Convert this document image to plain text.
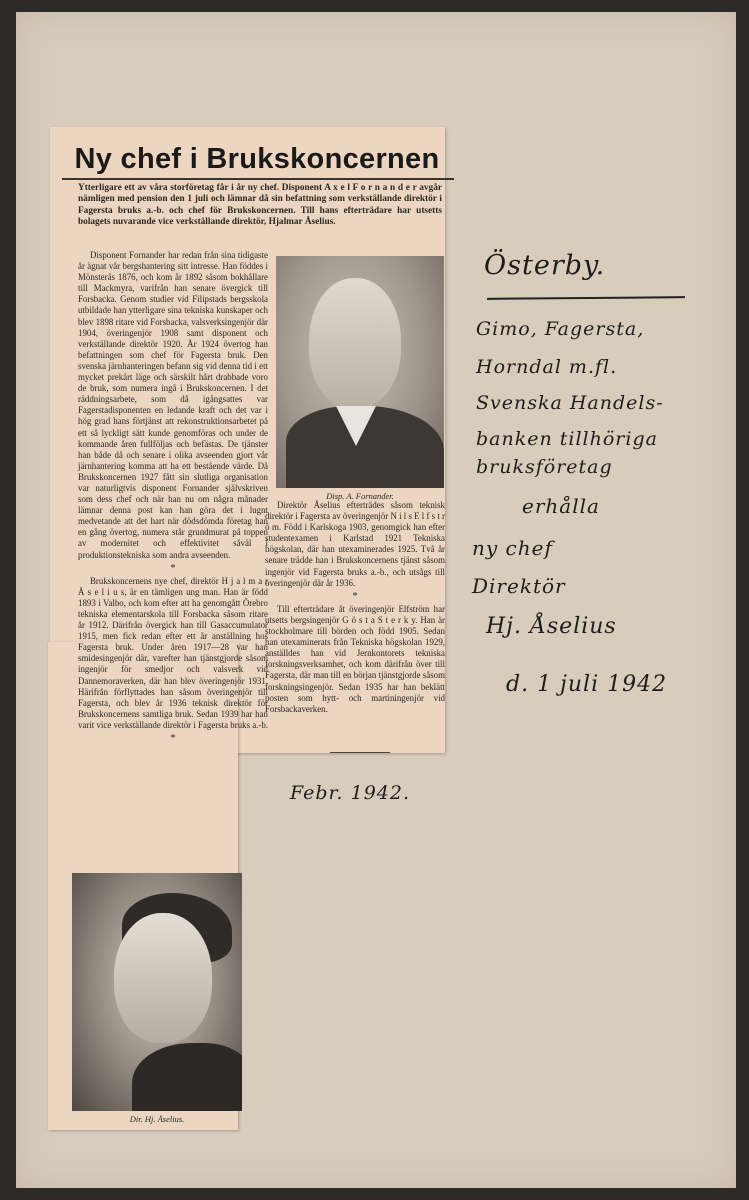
Ny chef i Brukskoncernen
Ytterligare ett av våra storföretag får i år ny chef. Disponent A x e l F o r n a n d e r avgår nämligen med pension den 1 juli och lämnar då sin befattning som verkställande direktör i Fagersta bruks a.-b. och chef för Brukskoncernen. Till hans efterträdare har utsetts bolagets nuvarande vice verkställande direktör, Hjalmar Åselius.

Disponent Fornander har redan från sina tidigaste år ägnat vår bergshantering sitt intresse. Han föddes i Mönsterås 1876, och kom år 1892 såsom bokhållare till Mackmyra, varifrån han senare övergick till Forsbacka. Genom studier vid Filipstads bergsskola utbildade han ytterligare sina tekniska kunskaper och blev 1898 ritare vid Forsbacka, valsverksingenjör där 1904, överingenjör 1908 samt disponent och verkställande direktör 1920. År 1924 övertog han befattningen som chef för Fagersta bruk. Den svenska järnhanteringen befann sig vid denna tid i ett mycket prekärt läge och särskilt hårt drabbade voro de bruk, som numera ingå i Brukskoncernen. I det räddningsarbete, som då igångsattes var Fagerstadisponenten en ledande kraft och det var i hög grad hans förtjänst att rekonstruktionsarbetet på ett så lyckligt sätt kunde genomföras och under de kommande åren fullföljas och befästas. De tjänster han både då och senare i olika avseenden gjort vår järnhantering komma att ha ett bestående värde. Då Brukskoncernen 1927 fått sin slutliga organisation var naturligtvis disponent Fornander självskriven som dess chef och när han nu om några månader lämnar denna post kan han göra det i lugnt medvetande att det hart när dödsdömda företag han en gång övertog, numera står grundmurat på toppen av modernitet och effektivitet såväl i produktionstekniska som andra avseenden.

*

Brukskoncernens nye chef, direktör H j a l m a r Å s e l i u s, är en tämligen ung man. Han är född 1893 i Valbo, och kom efter att ha genomgått Örebro tekniska elementarskola till Forsbacka såsom ritare år 1912. Därifrån övergick han till Gasaccumulator 1915, men fick redan efter ett år anställning hos Fagersta bruk. Under åren 1917—28 var han smidesingenjör där, varefter han tjänstgjorde såsom ingenjör för smedjor och valsverk vid Dannemoraverken, där han blev överingenjör 1931. Härifrån förflyttades han såsom överingenjör till Fagersta, och blev år 1936 teknisk direktör för Brukskoncernens samtliga bruk. Sedan 1939 har han varit vice verkställande direktör i Fagersta bruks a.-b.

*
Disp. A. Fornander.

Direktör Åselius efterträdes såsom teknisk direktör i Fagersta av överingenjör N i l s E l f s t r ö m. Född i Karlskoga 1903, genomgick han efter studentexamen i Karlstad 1921 Tekniska högskolan, där han utexaminerades 1925. Två år senare trädde han i Brukskoncernens tjänst såsom ingenjör vid Fagersta bruks a.-b., och utsågs till överingenjör där år 1936.

*

Till efterträdare åt överingenjör Elfström har utsetts bergsingenjör G ö s t a S t e r k y. Han är stockholmare till börden och född 1905. Sedan han utexaminerats från Tekniska högskolan 1929, anställdes han vid Jernkontorets tekniska forskningsverksamhet, och kom därifrån över till Fagersta, där man till en början tjänstgjorde såsom forskningsingenjör. Sedan 1935 har han beklätt posten som hytt- och martiningenjör vid Forsbackaverken.

Dir. Hj. Åselius.
Österby.
Gimo, Fagersta,
Horndal m.fl.
Svenska Handels-
banken tillhöriga
bruksföretag
erhålla
ny chef
Direktör
Hj. Åselius
d. 1 juli 1942
Febr. 1942.
